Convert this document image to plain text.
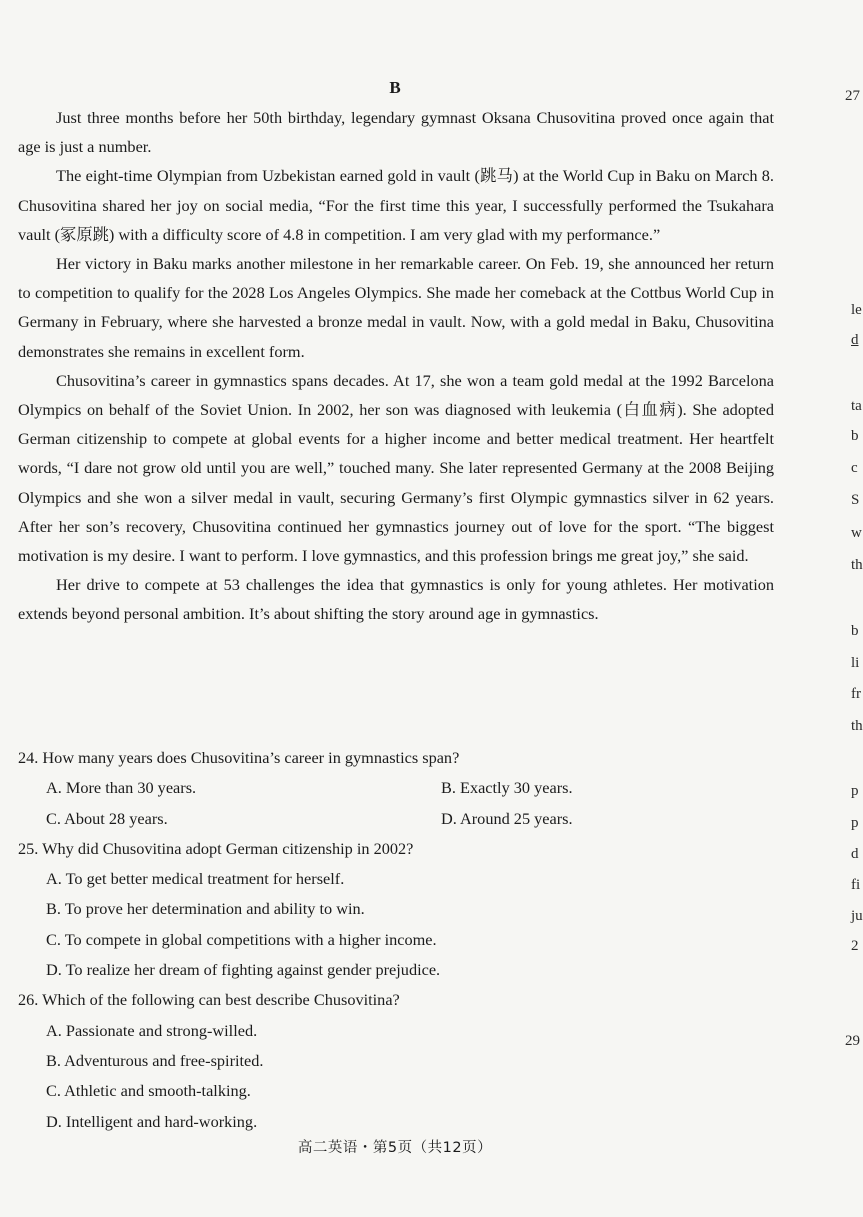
B

Just three months before her 50th birthday, legendary gymnast Oksana Chusovitina proved once again that age is just a number.

The eight-time Olympian from Uzbekistan earned gold in vault (跳马) at the World Cup in Baku on March 8. Chusovitina shared her joy on social media, “For the first time this year, I successfully performed the Tsukahara vault (冢原跳) with a difficulty score of 4.8 in competition. I am very glad with my performance.”

Her victory in Baku marks another milestone in her remarkable career. On Feb. 19, she announced her return to competition to qualify for the 2028 Los Angeles Olympics. She made her comeback at the Cottbus World Cup in Germany in February, where she harvested a bronze medal in vault. Now, with a gold medal in Baku, Chusovitina demonstrates she remains in excellent form.

Chusovitina’s career in gymnastics spans decades. At 17, she won a team gold medal at the 1992 Barcelona Olympics on behalf of the Soviet Union. In 2002, her son was diagnosed with leukemia (白血病). She adopted German citizenship to compete at global events for a higher income and better medical treatment. Her heartfelt words, “I dare not grow old until you are well,” touched many. She later represented Germany at the 2008 Beijing Olympics and she won a silver medal in vault, securing Germany’s first Olympic gymnastics silver in 62 years. After her son’s recovery, Chusovitina continued her gymnastics journey out of love for the sport. “The biggest motivation is my desire. I want to perform. I love gymnastics, and this profession brings me great joy,” she said.

Her drive to compete at 53 challenges the idea that gymnastics is only for young athletes. Her motivation extends beyond personal ambition. It’s about shifting the story around age in gymnastics.

24. How many years does Chusovitina’s career in gymnastics span?

A. More than 30 years.	B. Exactly 30 years.

C. About 28 years.	D. Around 25 years.

25. Why did Chusovitina adopt German citizenship in 2002?

A. To get better medical treatment for herself.

B. To prove her determination and ability to win.

C. To compete in global competitions with a higher income.

D. To realize her dream of fighting against gender prejudice.

26. Which of the following can best describe Chusovitina?

A. Passionate and strong-willed.

B. Adventurous and free-spirited.

C. Athletic and smooth-talking.

D. Intelligent and hard-working.

高二英语・第5页（共12页）
27
le
d
ta
b
c
S
w
th
b
li
fr
th
p
p
d
fi
ju
2
29
